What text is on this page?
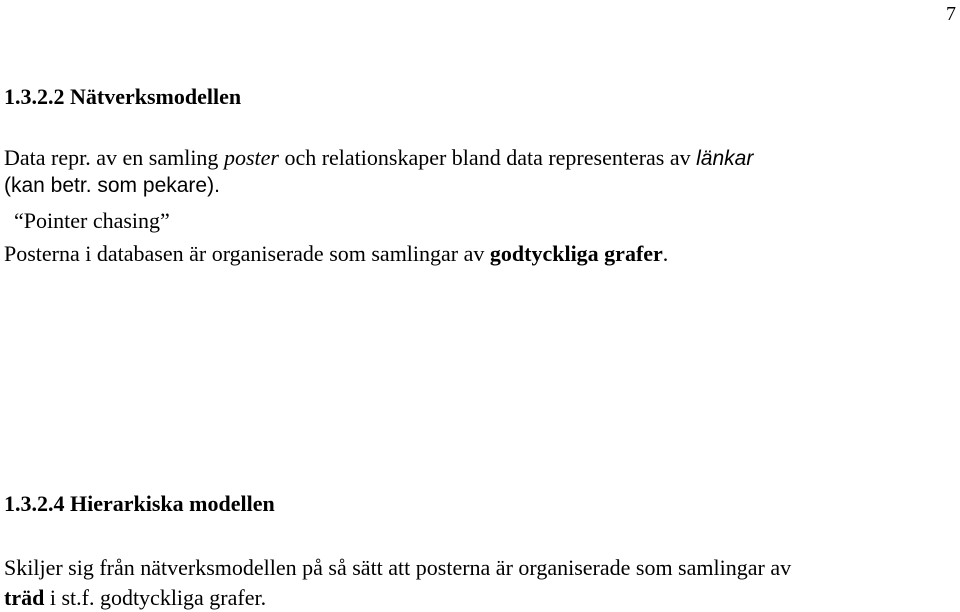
7
1.3.2.2 Nätverksmodellen
Data repr. av en samling poster och relationskaper bland data representeras av länkar
(kan betr. som pekare).
“Pointer chasing”
Posterna i databasen är organiserade som samlingar av godtyckliga grafer.
1.3.2.4 Hierarkiska modellen
Skiljer sig från nätverksmodellen på så sätt att posterna är organiserade som samlingar av
träd i st.f. godtyckliga grafer.
